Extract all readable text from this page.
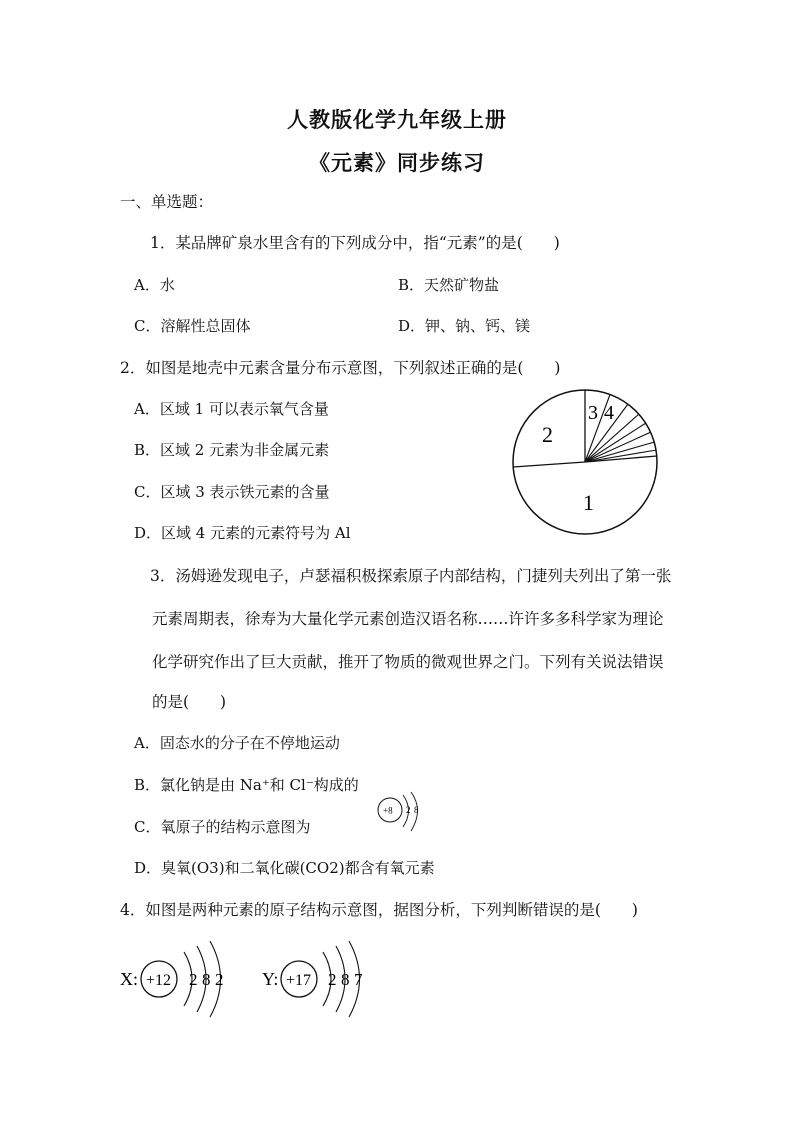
人教版化学九年级上册
《元素》同步练习
一、单选题：
1．某品牌矿泉水里含有的下列成分中，指“元素”的是(　　)
A．水	B．天然矿物盐
C．溶解性总固体	D．钾、钠、钙、镁
2．如图是地壳中元素含量分布示意图，下列叙述正确的是(　　)
A．区域 1 可以表示氧气含量
B．区域 2 元素为非金属元素
C．区域 3 表示铁元素的含量
D．区域 4 元素的元素符号为 Al
1
2
3 4
3．汤姆逊发现电子，卢瑟福积极探索原子内部结构，门捷列夫列出了第一张
元素周期表，徐寿为大量化学元素创造汉语名称……许许多多科学家为理论
化学研究作出了巨大贡献，推开了物质的微观世界之门。下列有关说法错误
的是(　　)
A．固态水的分子在不停地运动
B．氯化钠是由 Na⁺和 Cl⁻构成的
C．氧原子的结构示意图为
D．臭氧(O3)和二氧化碳(CO2)都含有氧元素
+8 2 8
4．如图是两种元素的原子结构示意图，据图分析，下列判断错误的是(　　)
X: +12 2 8 2 Y: +17 2 8 7
